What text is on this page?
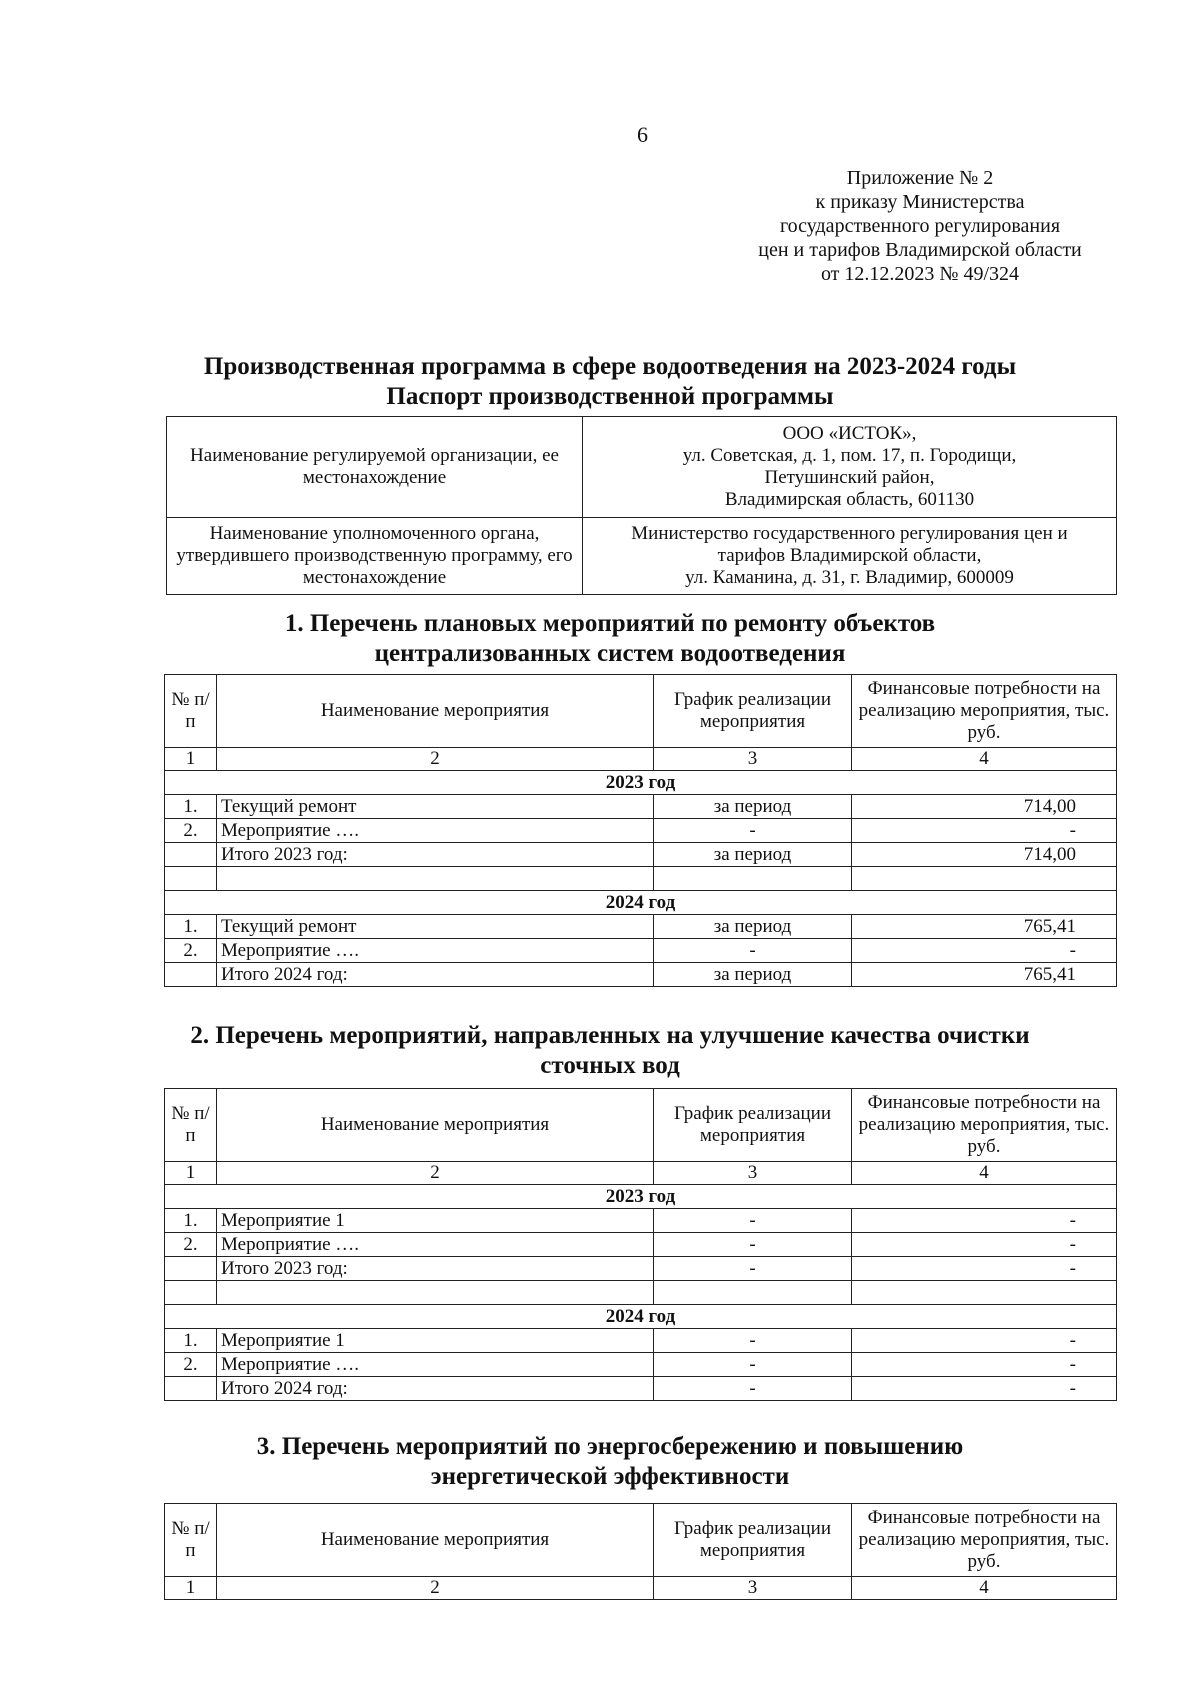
6
Приложение № 2
к приказу Министерства
государственного регулирования
цен и тарифов Владимирской области
от 12.12.2023 № 49/324
Производственная программа в сфере водоотведения на 2023-2024 годы
Паспорт производственной программы
Наименование регулируемой организации, ее местонахождение	ООО «ИСТОК»,
ул. Советская, д. 1, пом. 17, п. Городищи,
Петушинский район,
Владимирская область, 601130

Наименование уполномоченного органа, утвердившего производственную программу, его местонахождение	Министерство государственного регулирования цен и
тарифов Владимирской области,
ул. Каманина, д. 31, г. Владимир, 600009
1. Перечень плановых мероприятий по ремонту объектов
централизованных систем водоотведения
№ п/п	Наименование мероприятия	График реализации мероприятия	Финансовые потребности на реализацию мероприятия, тыс. руб.
1	2	3	4
2023 год			
1.	Текущий ремонт	за период	714,00
2.	Мероприятие ….	-	-
	Итого 2023 год:	за период	714,00

2024 год			
1.	Текущий ремонт	за период	765,41
2.	Мероприятие ….	-	-
	Итого 2024 год:	за период	765,41
2. Перечень мероприятий, направленных на улучшение качества очистки
сточных вод
№ п/п	Наименование мероприятия	График реализации мероприятия	Финансовые потребности на реализацию мероприятия, тыс. руб.
1	2	3	4
2023 год			
1.	Мероприятие 1	-	-
2.	Мероприятие ….	-	-
	Итого 2023 год:	-	-

2024 год			
1.	Мероприятие 1	-	-
2.	Мероприятие ….	-	-
	Итого 2024 год:	-	-
3. Перечень мероприятий по энергосбережению и повышению
энергетической эффективности
№ п/п	Наименование мероприятия	График реализации мероприятия	Финансовые потребности на реализацию мероприятия, тыс. руб.
1	2	3	4
